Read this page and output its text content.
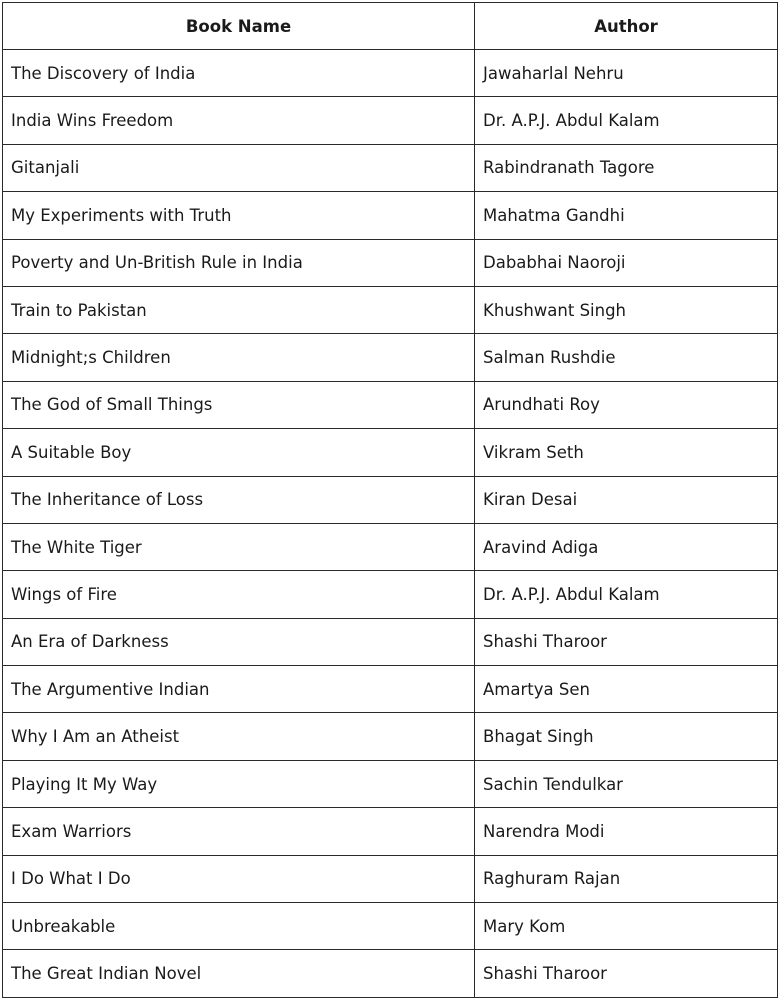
Book Name	Author
The Discovery of India	Jawaharlal Nehru
India Wins Freedom	Dr. A.P.J. Abdul Kalam
Gitanjali	Rabindranath Tagore
My Experiments with Truth	Mahatma Gandhi
Poverty and Un-British Rule in India	Dababhai Naoroji
Train to Pakistan	Khushwant Singh
Midnight;s Children	Salman Rushdie
The God of Small Things	Arundhati Roy
A Suitable Boy	Vikram Seth
The Inheritance of Loss	Kiran Desai
The White Tiger	Aravind Adiga
Wings of Fire	Dr. A.P.J. Abdul Kalam
An Era of Darkness	Shashi Tharoor
The Argumentive Indian	Amartya Sen
Why I Am an Atheist	Bhagat Singh
Playing It My Way	Sachin Tendulkar
Exam Warriors	Narendra Modi
I Do What I Do	Raghuram Rajan
Unbreakable	Mary Kom
The Great Indian Novel	Shashi Tharoor
